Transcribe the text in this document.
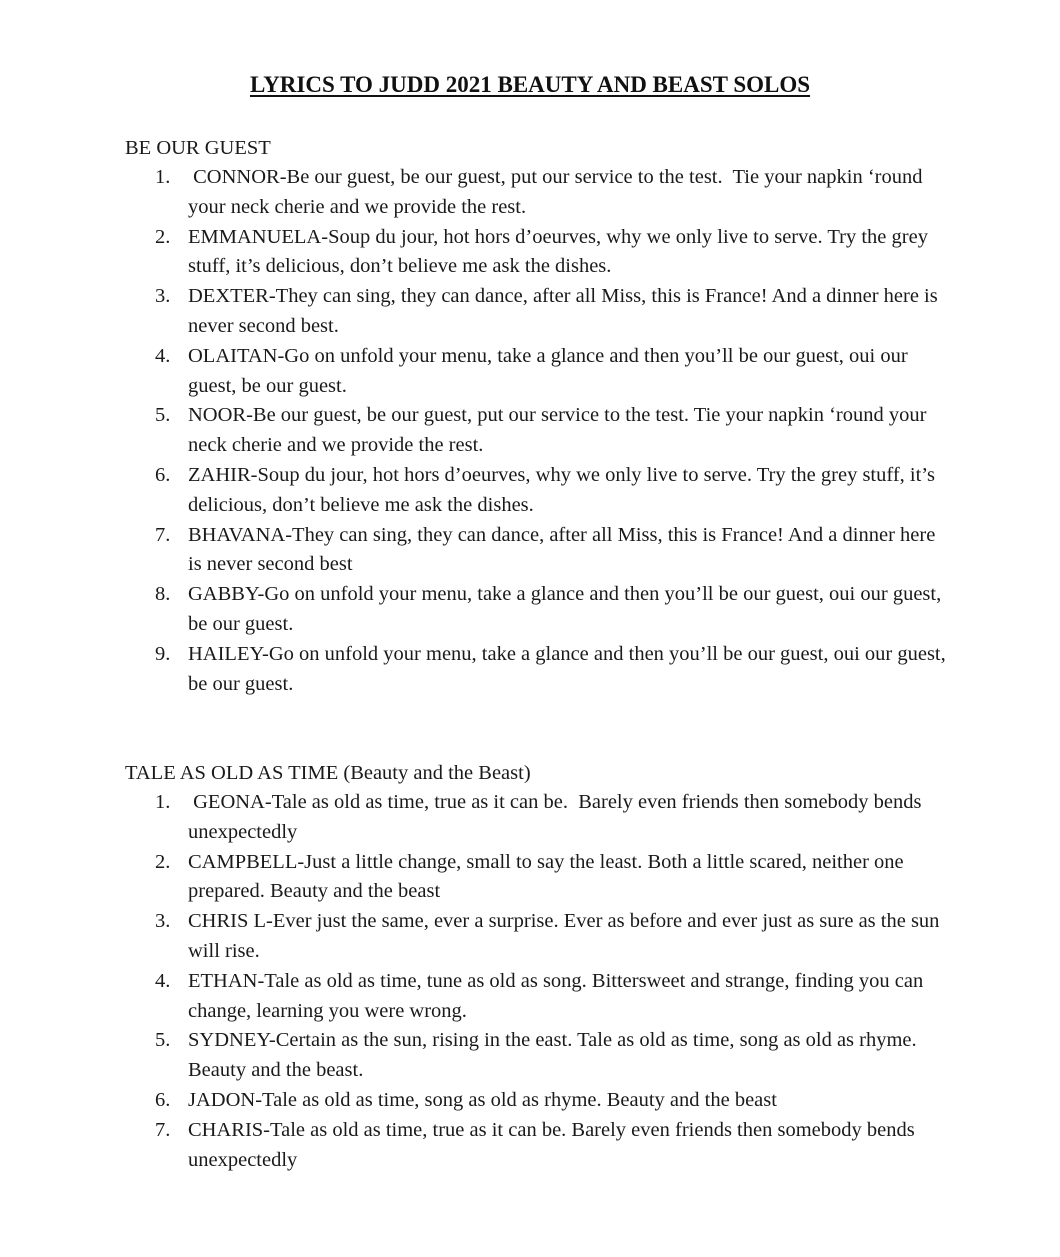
LYRICS TO JUDD 2021 BEAUTY AND BEAST SOLOS
BE OUR GUEST
1. CONNOR-Be our guest, be our guest, put our service to the test.  Tie your napkin ‘round your neck cherie and we provide the rest.
2. EMMANUELA-Soup du jour, hot hors d’oeurves, why we only live to serve. Try the grey stuff, it’s delicious, don’t believe me ask the dishes.
3. DEXTER-They can sing, they can dance, after all Miss, this is France! And a dinner here is never second best.
4. OLAITAN-Go on unfold your menu, take a glance and then you’ll be our guest, oui our guest, be our guest.
5. NOOR-Be our guest, be our guest, put our service to the test. Tie your napkin ‘round your neck cherie and we provide the rest.
6. ZAHIR-Soup du jour, hot hors d’oeurves, why we only live to serve. Try the grey stuff, it’s delicious, don’t believe me ask the dishes.
7. BHAVANA-They can sing, they can dance, after all Miss, this is France! And a dinner here is never second best
8. GABBY-Go on unfold your menu, take a glance and then you’ll be our guest, oui our guest, be our guest.
9. HAILEY-Go on unfold your menu, take a glance and then you’ll be our guest, oui our guest, be our guest.
TALE AS OLD AS TIME (Beauty and the Beast)
1. GEONA-Tale as old as time, true as it can be.  Barely even friends then somebody bends unexpectedly
2. CAMPBELL-Just a little change, small to say the least. Both a little scared, neither one prepared. Beauty and the beast
3. CHRIS L-Ever just the same, ever a surprise. Ever as before and ever just as sure as the sun will rise.
4. ETHAN-Tale as old as time, tune as old as song. Bittersweet and strange, finding you can change, learning you were wrong.
5. SYDNEY-Certain as the sun, rising in the east. Tale as old as time, song as old as rhyme. Beauty and the beast.
6. JADON-Tale as old as time, song as old as rhyme. Beauty and the beast
7. CHARIS-Tale as old as time, true as it can be. Barely even friends then somebody bends unexpectedly
